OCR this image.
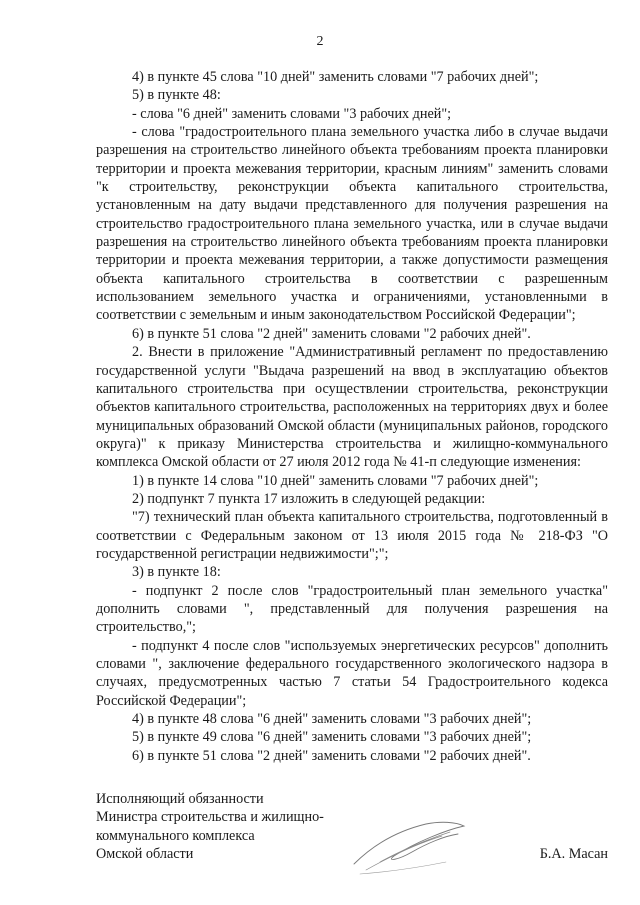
2

4) в пункте 45 слова "10 дней" заменить словами "7 рабочих дней";

5) в пункте 48:

- слова "6 дней" заменить словами "3 рабочих дней";

- слова "градостроительного плана земельного участка либо в случае выдачи разрешения на строительство линейного объекта требованиям проекта планировки территории и проекта межевания территории, красным линиям" заменить словами "к строительству, реконструкции объекта капитального строительства, установленным на дату выдачи представленного для получения разрешения на строительство градостроительного плана земельного участка, или в случае выдачи разрешения на строительство линейного объекта требованиям проекта планировки территории и проекта межевания территории, а также допустимости размещения объекта капитального строительства в соответствии с разрешенным использованием земельного участка и ограничениями, установленными в соответствии с земельным и иным законодательством Российской Федерации";

6) в пункте 51 слова "2 дней" заменить словами "2 рабочих дней".

2. Внести в приложение "Административный регламент по предоставлению государственной услуги "Выдача разрешений на ввод в эксплуатацию объектов капитального строительства при осуществлении строительства, реконструкции объектов капитального строительства, расположенных на территориях двух и более муниципальных образований Омской области (муниципальных районов, городского округа)" к приказу Министерства строительства и жилищно-коммунального комплекса Омской области от 27 июля 2012 года № 41-п следующие изменения:

1) в пункте 14 слова "10 дней" заменить словами "7 рабочих дней";

2) подпункт 7 пункта 17 изложить в следующей редакции:

"7) технический план объекта капитального строительства, подготовленный в соответствии с Федеральным законом от 13 июля 2015 года № 218-ФЗ "О государственной регистрации недвижимости";";

3) в пункте 18:

- подпункт 2 после слов "градостроительный план земельного участка" дополнить словами ", представленный для получения разрешения на строительство,";

- подпункт 4 после слов "используемых энергетических ресурсов" дополнить словами ", заключение федерального государственного экологического надзора в случаях, предусмотренных частью 7 статьи 54 Градостроительного кодекса Российской Федерации";

4) в пункте 48 слова "6 дней" заменить словами "3 рабочих дней";

5) в пункте 49 слова "6 дней" заменить словами "3 рабочих дней";

6) в пункте 51 слова "2 дней" заменить словами "2 рабочих дней".

Исполняющий обязанности
Министра строительства и жилищно-
коммунального комплекса
Омской области	Б.А. Масан
